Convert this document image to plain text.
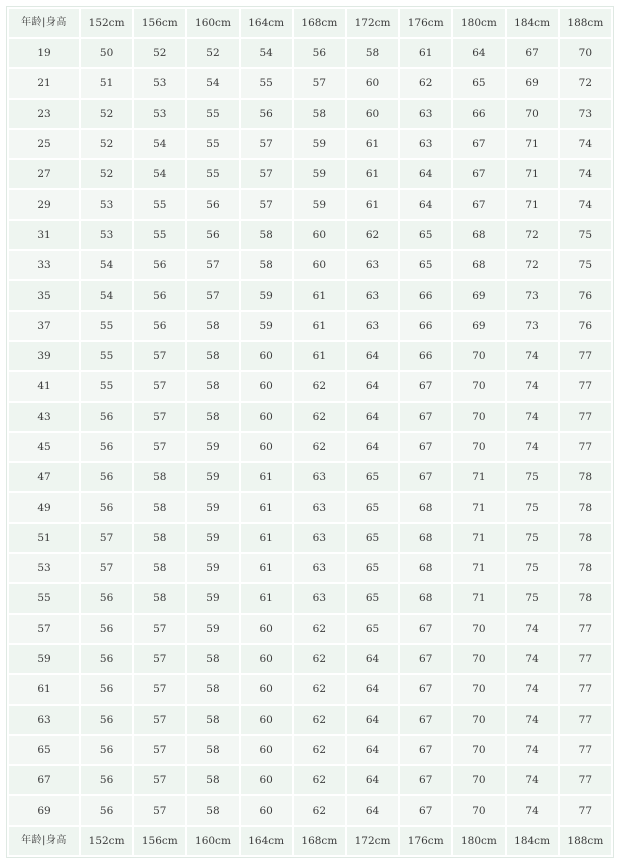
年龄|身高	152cm	156cm	160cm	164cm	168cm	172cm	176cm	180cm	184cm	188cm
19	50	52	52	54	56	58	61	64	67	70
21	51	53	54	55	57	60	62	65	69	72
23	52	53	55	56	58	60	63	66	70	73
25	52	54	55	57	59	61	63	67	71	74
27	52	54	55	57	59	61	64	67	71	74
29	53	55	56	57	59	61	64	67	71	74
31	53	55	56	58	60	62	65	68	72	75
33	54	56	57	58	60	63	65	68	72	75
35	54	56	57	59	61	63	66	69	73	76
37	55	56	58	59	61	63	66	69	73	76
39	55	57	58	60	61	64	66	70	74	77
41	55	57	58	60	62	64	67	70	74	77
43	56	57	58	60	62	64	67	70	74	77
45	56	57	59	60	62	64	67	70	74	77
47	56	58	59	61	63	65	67	71	75	78
49	56	58	59	61	63	65	68	71	75	78
51	57	58	59	61	63	65	68	71	75	78
53	57	58	59	61	63	65	68	71	75	78
55	56	58	59	61	63	65	68	71	75	78
57	56	57	59	60	62	65	67	70	74	77
59	56	57	58	60	62	64	67	70	74	77
61	56	57	58	60	62	64	67	70	74	77
63	56	57	58	60	62	64	67	70	74	77
65	56	57	58	60	62	64	67	70	74	77
67	56	57	58	60	62	64	67	70	74	77
69	56	57	58	60	62	64	67	70	74	77
年龄|身高	152cm	156cm	160cm	164cm	168cm	172cm	176cm	180cm	184cm	188cm
